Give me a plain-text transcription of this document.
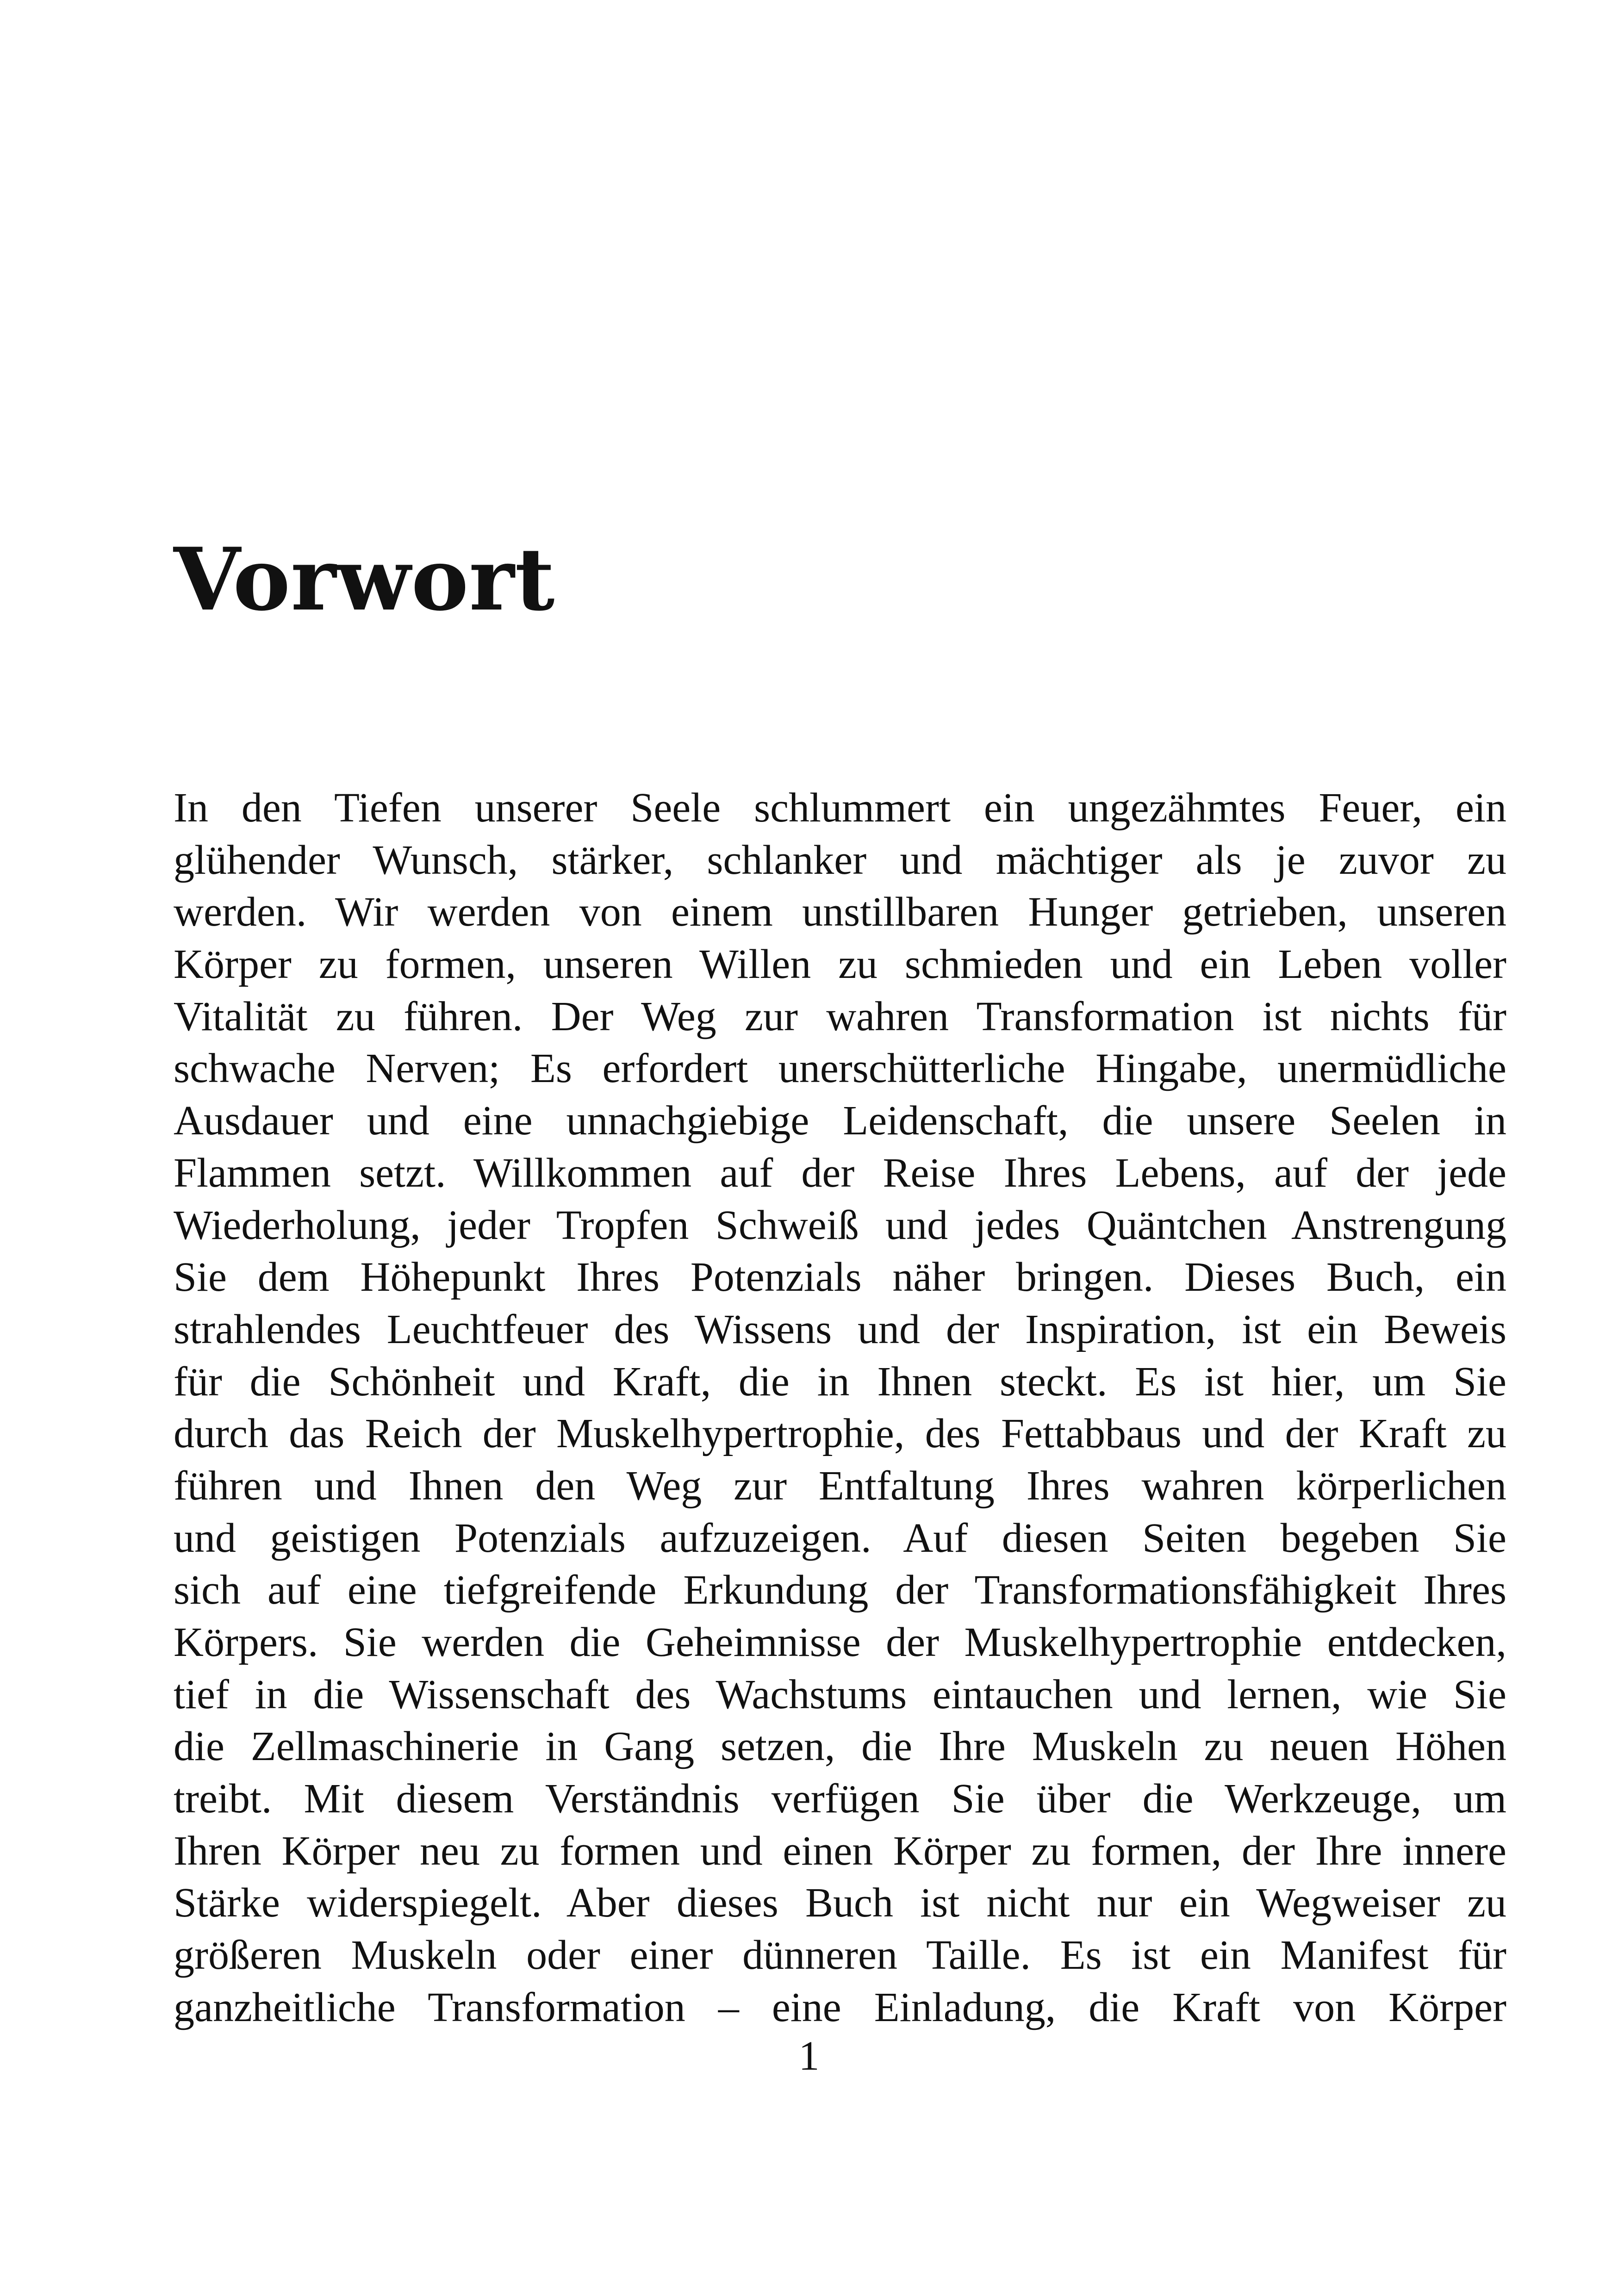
Vorwort
In den Tiefen unserer Seele schlummert ein ungezähmtes Feuer, ein
glühender Wunsch, stärker, schlanker und mächtiger als je zuvor zu
werden. Wir werden von einem unstillbaren Hunger getrieben, unseren
Körper zu formen, unseren Willen zu schmieden und ein Leben voller
Vitalität zu führen. Der Weg zur wahren Transformation ist nichts für
schwache Nerven; Es erfordert unerschütterliche Hingabe, unermüdliche
Ausdauer und eine unnachgiebige Leidenschaft, die unsere Seelen in
Flammen setzt. Willkommen auf der Reise Ihres Lebens, auf der jede
Wiederholung, jeder Tropfen Schweiß und jedes Quäntchen Anstrengung
Sie dem Höhepunkt Ihres Potenzials näher bringen. Dieses Buch, ein
strahlendes Leuchtfeuer des Wissens und der Inspiration, ist ein Beweis
für die Schönheit und Kraft, die in Ihnen steckt. Es ist hier, um Sie
durch das Reich der Muskelhypertrophie, des Fettabbaus und der Kraft zu
führen und Ihnen den Weg zur Entfaltung Ihres wahren körperlichen
und geistigen Potenzials aufzuzeigen. Auf diesen Seiten begeben Sie
sich auf eine tiefgreifende Erkundung der Transformationsfähigkeit Ihres
Körpers. Sie werden die Geheimnisse der Muskelhypertrophie entdecken,
tief in die Wissenschaft des Wachstums eintauchen und lernen, wie Sie
die Zellmaschinerie in Gang setzen, die Ihre Muskeln zu neuen Höhen
treibt. Mit diesem Verständnis verfügen Sie über die Werkzeuge, um
Ihren Körper neu zu formen und einen Körper zu formen, der Ihre innere
Stärke widerspiegelt. Aber dieses Buch ist nicht nur ein Wegweiser zu
größeren Muskeln oder einer dünneren Taille. Es ist ein Manifest für
ganzheitliche Transformation – eine Einladung, die Kraft von Körper
1
